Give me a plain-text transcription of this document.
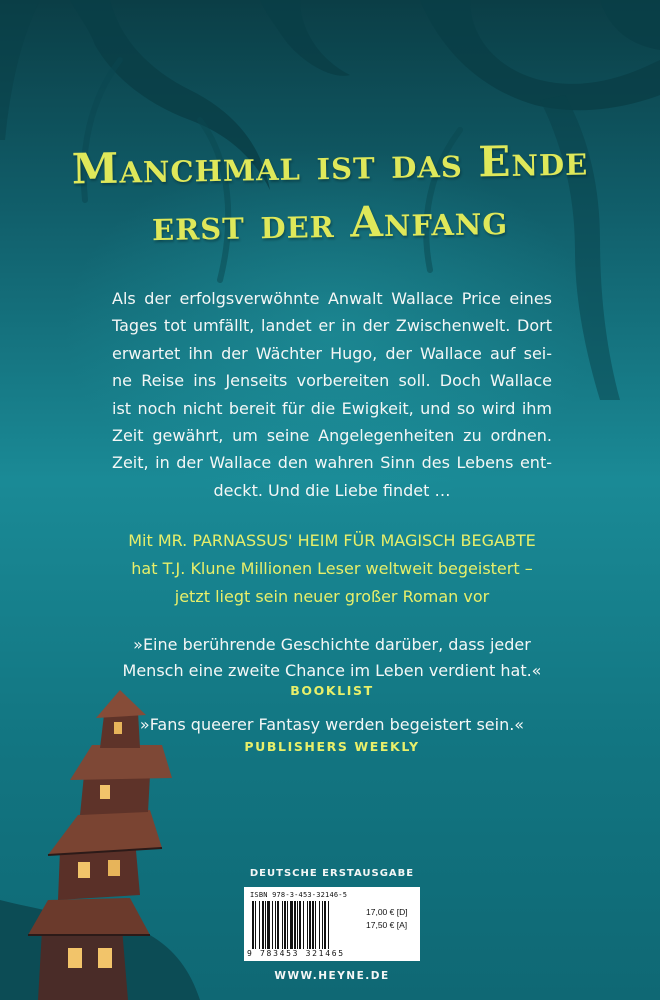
Manchmal ist das Ende
erst der Anfang
Als der erfolgsverwöhnte Anwalt Wallace Price eines
Tages tot umfällt, landet er in der Zwischenwelt. Dort
erwartet ihn der Wächter Hugo, der Wallace auf sei-
ne Reise ins Jenseits vorbereiten soll. Doch Wallace
ist noch nicht bereit für die Ewigkeit, und so wird ihm
Zeit gewährt, um seine Angelegenheiten zu ordnen.
Zeit, in der Wallace den wahren Sinn des Lebens ent-
deckt. Und die Liebe findet …
Mit MR. PARNASSUS' HEIM FÜR MAGISCH BEGABTE
hat T.J. Klune Millionen Leser weltweit begeistert –
jetzt liegt sein neuer großer Roman vor
»Eine berührende Geschichte darüber, dass jeder
Mensch eine zweite Chance im Leben verdient hat.«
BOOKLIST
»Fans queerer Fantasy werden begeistert sein.«
PUBLISHERS WEEKLY
DEUTSCHE ERSTAUSGABE
ISBN 978-3-453-32146-5
17,00 € [D]
17,50 € [A]
9 783453 321465
WWW.HEYNE.DE
